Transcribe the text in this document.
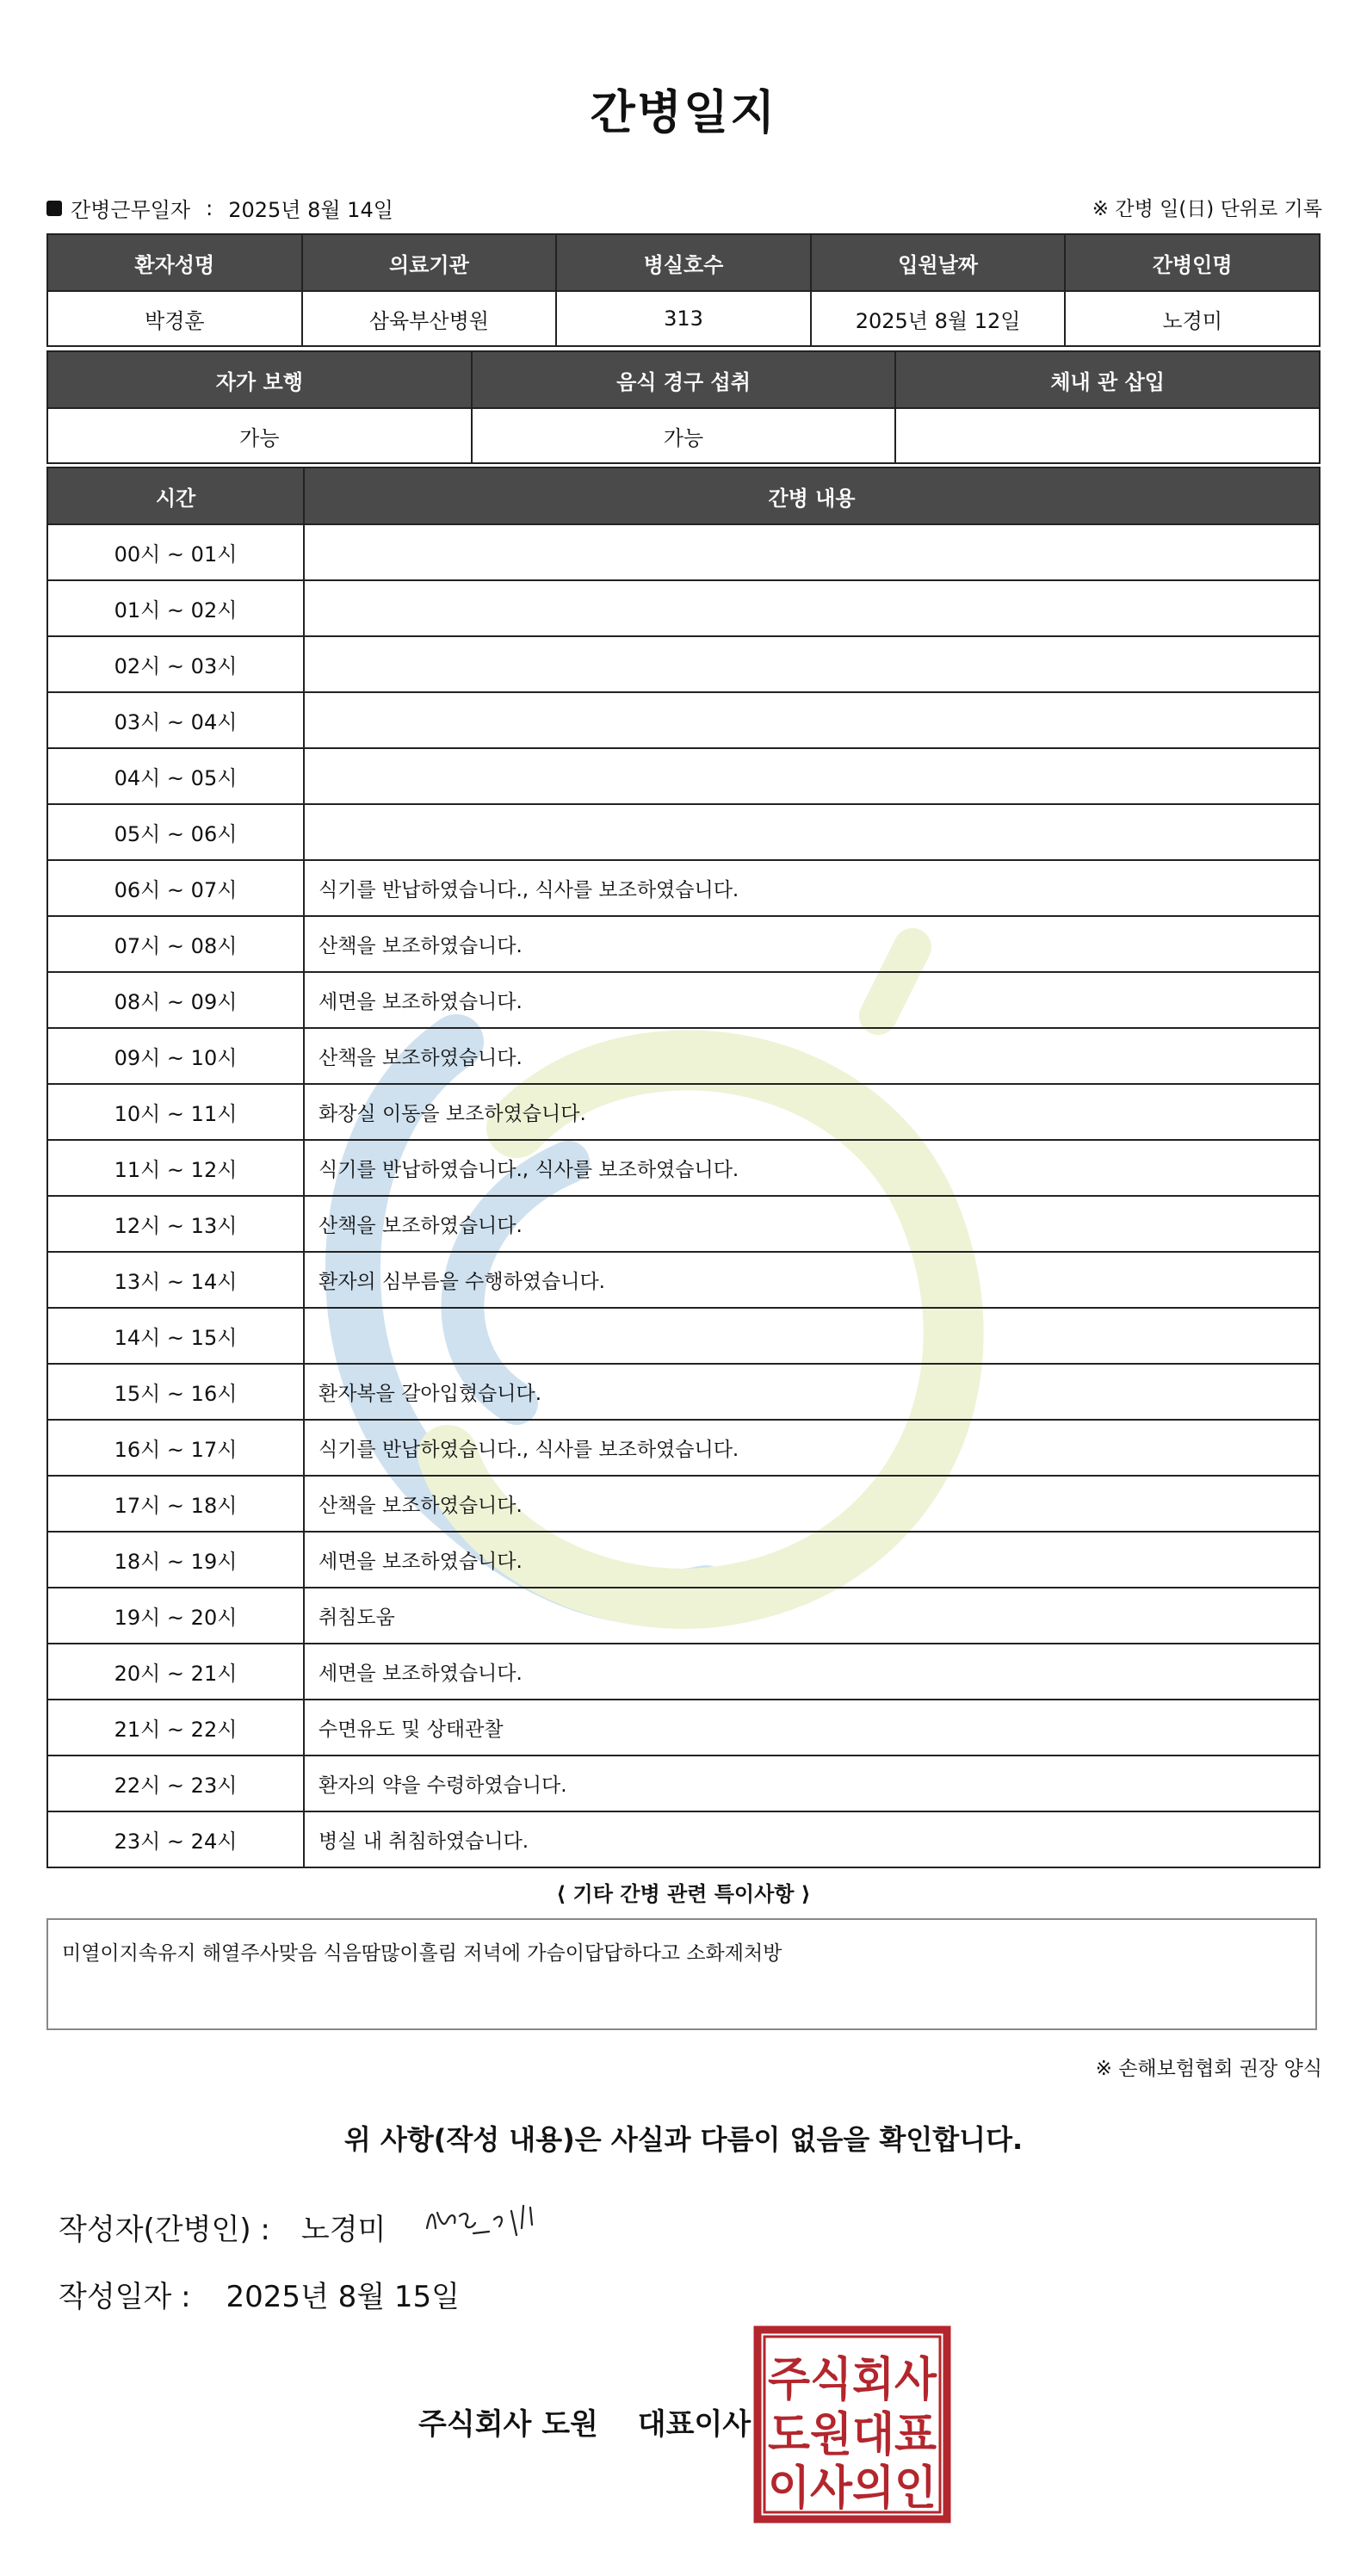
간병일지
간병근무일자 : 2025년 8월 14일	※ 간병 일(日) 단위로 기록
환자성명	의료기관	병실호수	입원날짜	간병인명
박경훈	삼육부산병원	313	2025년 8월 12일	노경미
자가 보행	음식 경구 섭취	체내 관 삽입
가능	가능	
시간	간병 내용
00시 ~ 01시	
01시 ~ 02시	
02시 ~ 03시	
03시 ~ 04시	
04시 ~ 05시	
05시 ~ 06시	
06시 ~ 07시	식기를 반납하였습니다., 식사를 보조하였습니다.
07시 ~ 08시	산책을 보조하였습니다.
08시 ~ 09시	세면을 보조하였습니다.
09시 ~ 10시	산책을 보조하였습니다.
10시 ~ 11시	화장실 이동을 보조하였습니다.
11시 ~ 12시	식기를 반납하였습니다., 식사를 보조하였습니다.
12시 ~ 13시	산책을 보조하였습니다.
13시 ~ 14시	환자의 심부름을 수행하였습니다.
14시 ~ 15시	
15시 ~ 16시	환자복을 갈아입혔습니다.
16시 ~ 17시	식기를 반납하였습니다., 식사를 보조하였습니다.
17시 ~ 18시	산책을 보조하였습니다.
18시 ~ 19시	세면을 보조하였습니다.
19시 ~ 20시	취침도움
20시 ~ 21시	세면을 보조하였습니다.
21시 ~ 22시	수면유도 및 상태관찰
22시 ~ 23시	환자의 약을 수령하였습니다.
23시 ~ 24시	병실 내 취침하였습니다.
⟨ 기타 간병 관련 특이사항 ⟩
미열이지속유지 해열주사맞음 식음땀많이흘림 저녁에 가슴이답답하다고 소화제처방
※ 손해보험협회 권장 양식
위 사항(작성 내용)은 사실과 다름이 없음을 확인합니다.
작성자(간병인) : 노경미
작성일자 : 2025년 8월 15일
주식회사 도원 대표이사
주식회사
도원대표
이사의인
